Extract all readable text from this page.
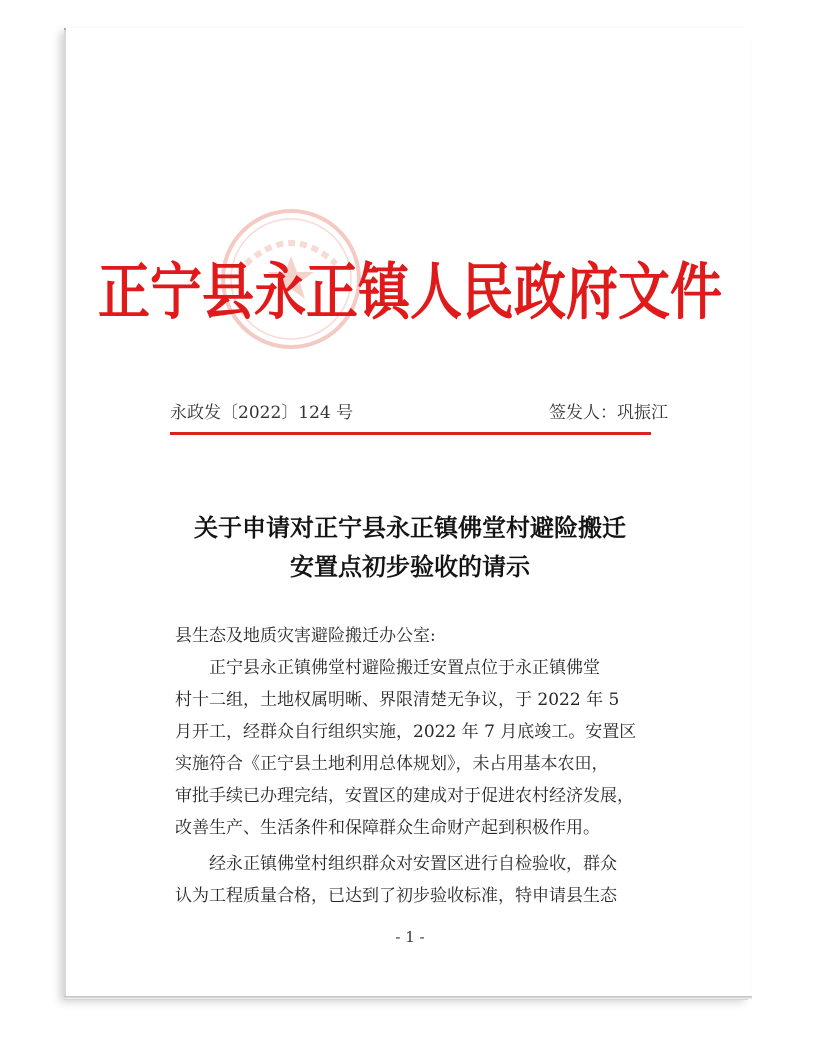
正宁县永正镇人民政府文件
永政发〔2022〕124 号	签发人：巩振江
关于申请对正宁县永正镇佛堂村避险搬迁
安置点初步验收的请示
县生态及地质灾害避险搬迁办公室:
正宁县永正镇佛堂村避险搬迁安置点位于永正镇佛堂
村十二组，土地权属明晰、界限清楚无争议，于 2022 年 5
月开工，经群众自行组织实施，2022 年 7 月底竣工。安置区
实施符合《正宁县土地利用总体规划》，未占用基本农田，
审批手续已办理完结，安置区的建成对于促进农村经济发展，
改善生产、生活条件和保障群众生命财产起到积极作用。
经永正镇佛堂村组织群众对安置区进行自检验收，群众
认为工程质量合格，已达到了初步验收标准，特申请县生态
- 1 -
